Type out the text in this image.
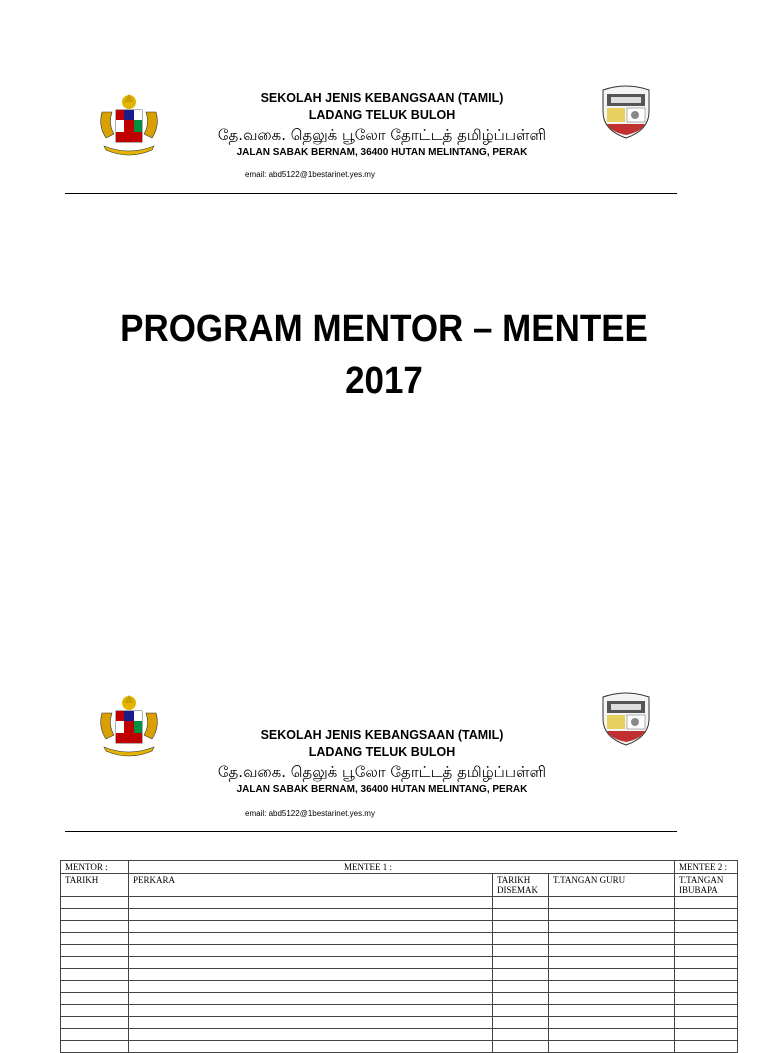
SEKOLAH JENIS KEBANGSAAN (TAMIL)
LADANG TELUK BULOH
தே.வகை. தெலுக் பூலோ தோட்டத் தமிழ்ப்பள்ளி
JALAN SABAK BERNAM, 36400 HUTAN MELINTANG, PERAK
email: abd5122@1bestarinet.yes.my
PROGRAM MENTOR – MENTEE
2017
SEKOLAH JENIS KEBANGSAAN (TAMIL)
LADANG TELUK BULOH
தே.வகை. தெலுக் பூலோ தோட்டத் தமிழ்ப்பள்ளி
JALAN SABAK BERNAM, 36400 HUTAN MELINTANG, PERAK
email: abd5122@1bestarinet.yes.my
MENTOR :	MENTEE 1 :			MENTEE 2 :
TARIKH	PERKARA	TARIKH DISEMAK	T.TANGAN GURU	T.TANGAN IBUBAPA
